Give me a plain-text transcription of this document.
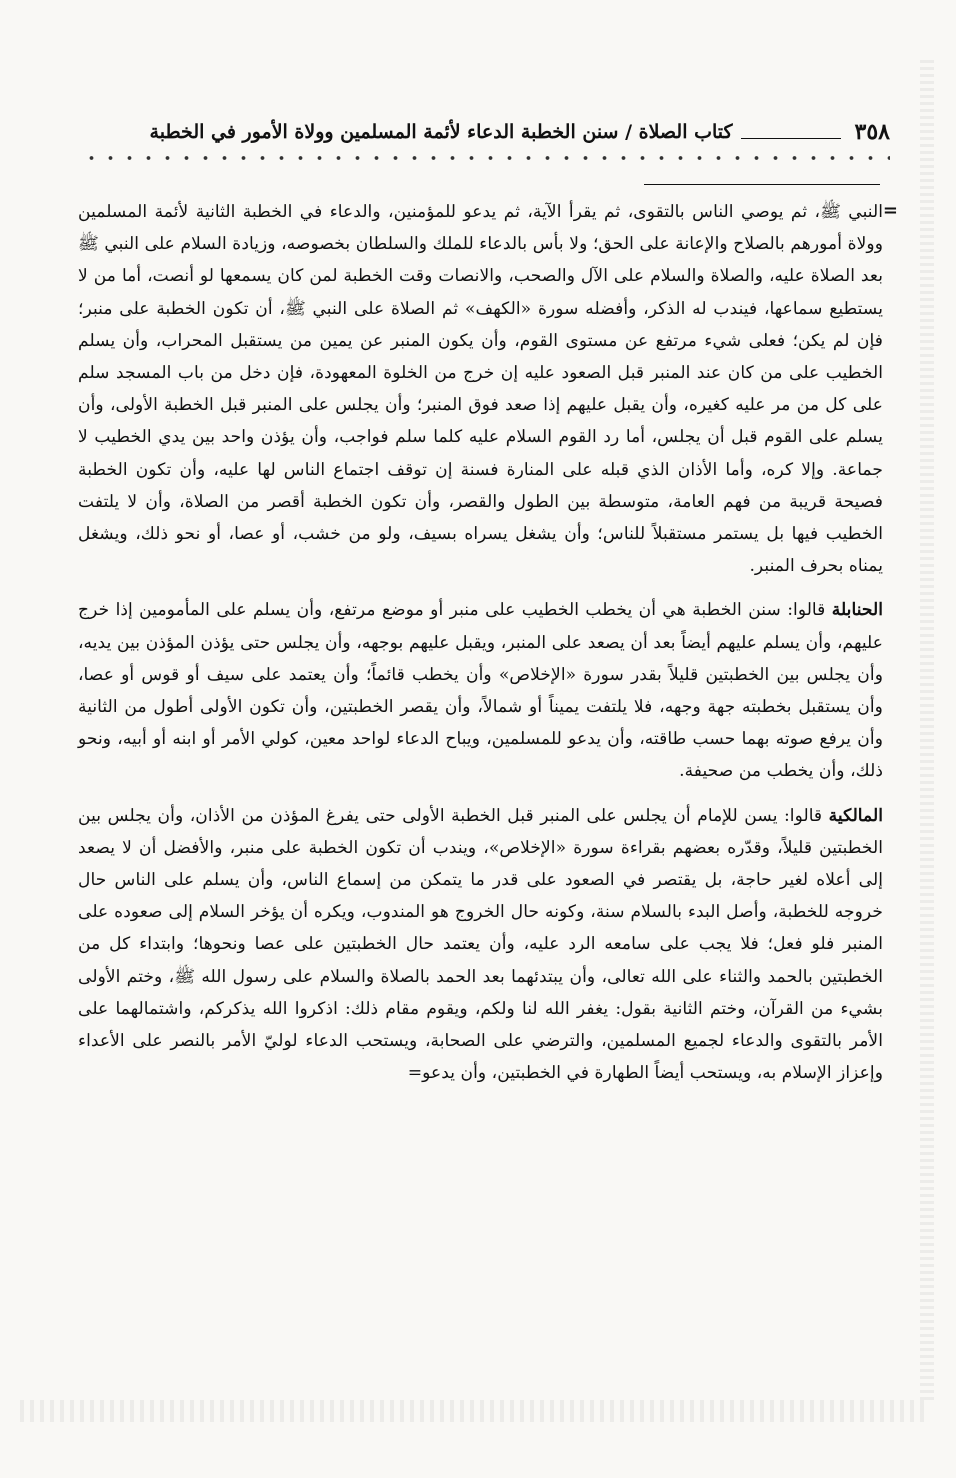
٣٥٨
كتاب الصلاة / سنن الخطبة الدعاء لأئمة المسلمين وولاة الأمور في الخطبة
=

النبي ﷺ، ثم يوصي الناس بالتقوى، ثم يقرأ الآية، ثم يدعو للمؤمنين، والدعاء في الخطبة الثانية لأئمة المسلمين وولاة أمورهم بالصلاح والإعانة على الحق؛ ولا بأس بالدعاء للملك والسلطان بخصوصه، وزيادة السلام على النبي ﷺ بعد الصلاة عليه، والصلاة والسلام على الآل والصحب، والانصات وقت الخطبة لمن كان يسمعها لو أنصت، أما من لا يستطيع سماعها، فيندب له الذكر، وأفضله سورة «الكهف» ثم الصلاة على النبي ﷺ، أن تكون الخطبة على منبر؛ فإن لم يكن؛ فعلى شيء مرتفع عن مستوى القوم، وأن يكون المنبر عن يمين من يستقبل المحراب، وأن يسلم الخطيب على من كان عند المنبر قبل الصعود عليه إن خرج من الخلوة المعهودة، فإن دخل من باب المسجد سلم على كل من مر عليه كغيره، وأن يقبل عليهم إذا صعد فوق المنبر؛ وأن يجلس على المنبر قبل الخطبة الأولى، وأن يسلم على القوم قبل أن يجلس، أما رد القوم السلام عليه كلما سلم فواجب، وأن يؤذن واحد بين يدي الخطيب لا جماعة. وإلا كره، وأما الأذان الذي قبله على المنارة فسنة إن توقف اجتماع الناس لها عليه، وأن تكون الخطبة فصيحة قريبة من فهم العامة، متوسطة بين الطول والقصر، وأن تكون الخطبة أقصر من الصلاة، وأن لا يلتفت الخطيب فيها بل يستمر مستقبلاً للناس؛ وأن يشغل يسراه بسيف، ولو من خشب، أو عصا، أو نحو ذلك، ويشغل يمناه بحرف المنبر.

الحنابلة قالوا: سنن الخطبة هي أن يخطب الخطيب على منبر أو موضع مرتفع، وأن يسلم على المأمومين إذا خرج عليهم، وأن يسلم عليهم أيضاً بعد أن يصعد على المنبر، ويقبل عليهم بوجهه، وأن يجلس حتى يؤذن المؤذن بين يديه، وأن يجلس بين الخطبتين قليلاً بقدر سورة «الإخلاص» وأن يخطب قائماً؛ وأن يعتمد على سيف أو قوس أو عصا، وأن يستقبل بخطبته جهة وجهه، فلا يلتفت يميناً أو شمالاً، وأن يقصر الخطبتين، وأن تكون الأولى أطول من الثانية وأن يرفع صوته بهما حسب طاقته، وأن يدعو للمسلمين، ويباح الدعاء لواحد معين، كولي الأمر أو ابنه أو أبيه، ونحو ذلك، وأن يخطب من صحيفة.

المالكية قالوا: يسن للإمام أن يجلس على المنبر قبل الخطبة الأولى حتى يفرغ المؤذن من الأذان، وأن يجلس بين الخطبتين قليلاً، وقدّره بعضهم بقراءة سورة «الإخلاص»، ويندب أن تكون الخطبة على منبر، والأفضل أن لا يصعد إلى أعلاه لغير حاجة، بل يقتصر في الصعود على قدر ما يتمكن من إسماع الناس، وأن يسلم على الناس حال خروجه للخطبة، وأصل البدء بالسلام سنة، وكونه حال الخروج هو المندوب، ويكره أن يؤخر السلام إلى صعوده على المنبر فلو فعل؛ فلا يجب على سامعه الرد عليه، وأن يعتمد حال الخطبتين على عصا ونحوها؛ وابتداء كل من الخطبتين بالحمد والثناء على الله تعالى، وأن يبتدئهما بعد الحمد بالصلاة والسلام على رسول الله ﷺ، وختم الأولى بشيء من القرآن، وختم الثانية بقول: يغفر الله لنا ولكم، ويقوم مقام ذلك: اذكروا الله يذكركم، واشتمالهما على الأمر بالتقوى والدعاء لجميع المسلمين، والترضي على الصحابة، ويستحب الدعاء لوليّ الأمر بالنصر على الأعداء وإعزاز الإسلام به، ويستحب أيضاً الطهارة في الخطبتين، وأن يدعو=
